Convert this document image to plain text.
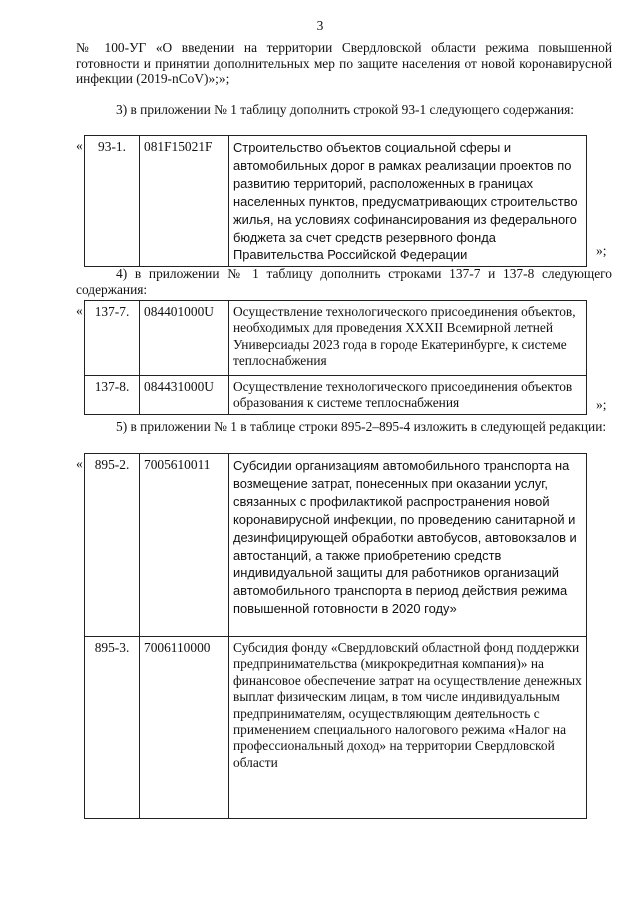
3
№ 100-УГ «О введении на территории Свердловской области режима повышенной готовности и принятии дополнительных мер по защите населения от новой коронавирусной инфекции (2019-nCoV)»;»;
3) в приложении № 1 таблицу дополнить строкой 93-1 следующего содержания:
« 93-1.	081F15021F	Строительство объектов социальной сферы и автомобильных дорог в рамках реализации проектов по развитию территорий, расположенных в границах населенных пунктов, предусматривающих строительство жилья, на условиях софинансирования из федерального бюджета за счет средств резервного фонда Правительства Российской Федерации	»;
4) в приложении № 1 таблицу дополнить строками 137-7 и 137-8 следующего содержания:
« 137-7.	084401000U	Осуществление технологического присоединения объектов, необходимых для проведения XXXII Всемирной летней Универсиады 2023 года в городе Екатеринбурге, к системе теплоснабжения
137-8.	084431000U	Осуществление технологического присоединения объектов образования к системе теплоснабжения	»;
5) в приложении № 1 в таблице строки 895-2–895-4 изложить в следующей редакции:
« 895-2.	7005610011	Субсидии организациям автомобильного транспорта на возмещение затрат, понесенных при оказании услуг, связанных с профилактикой распространения новой коронавирусной инфекции, по проведению санитарной и дезинфицирующей обработки автобусов, автовокзалов и автостанций, а также приобретению средств индивидуальной защиты для работников организаций автомобильного транспорта в период действия режима повышенной готовности в 2020 году»
895-3.	7006110000	Субсидия фонду «Свердловский областной фонд поддержки предпринимательства (микрокредитная компания)» на финансовое обеспечение затрат на осуществление денежных выплат физическим лицам, в том числе индивидуальным предпринимателям, осуществляющим деятельность с применением специального налогового режима «Налог на профессиональный доход» на территории Свердловской области
